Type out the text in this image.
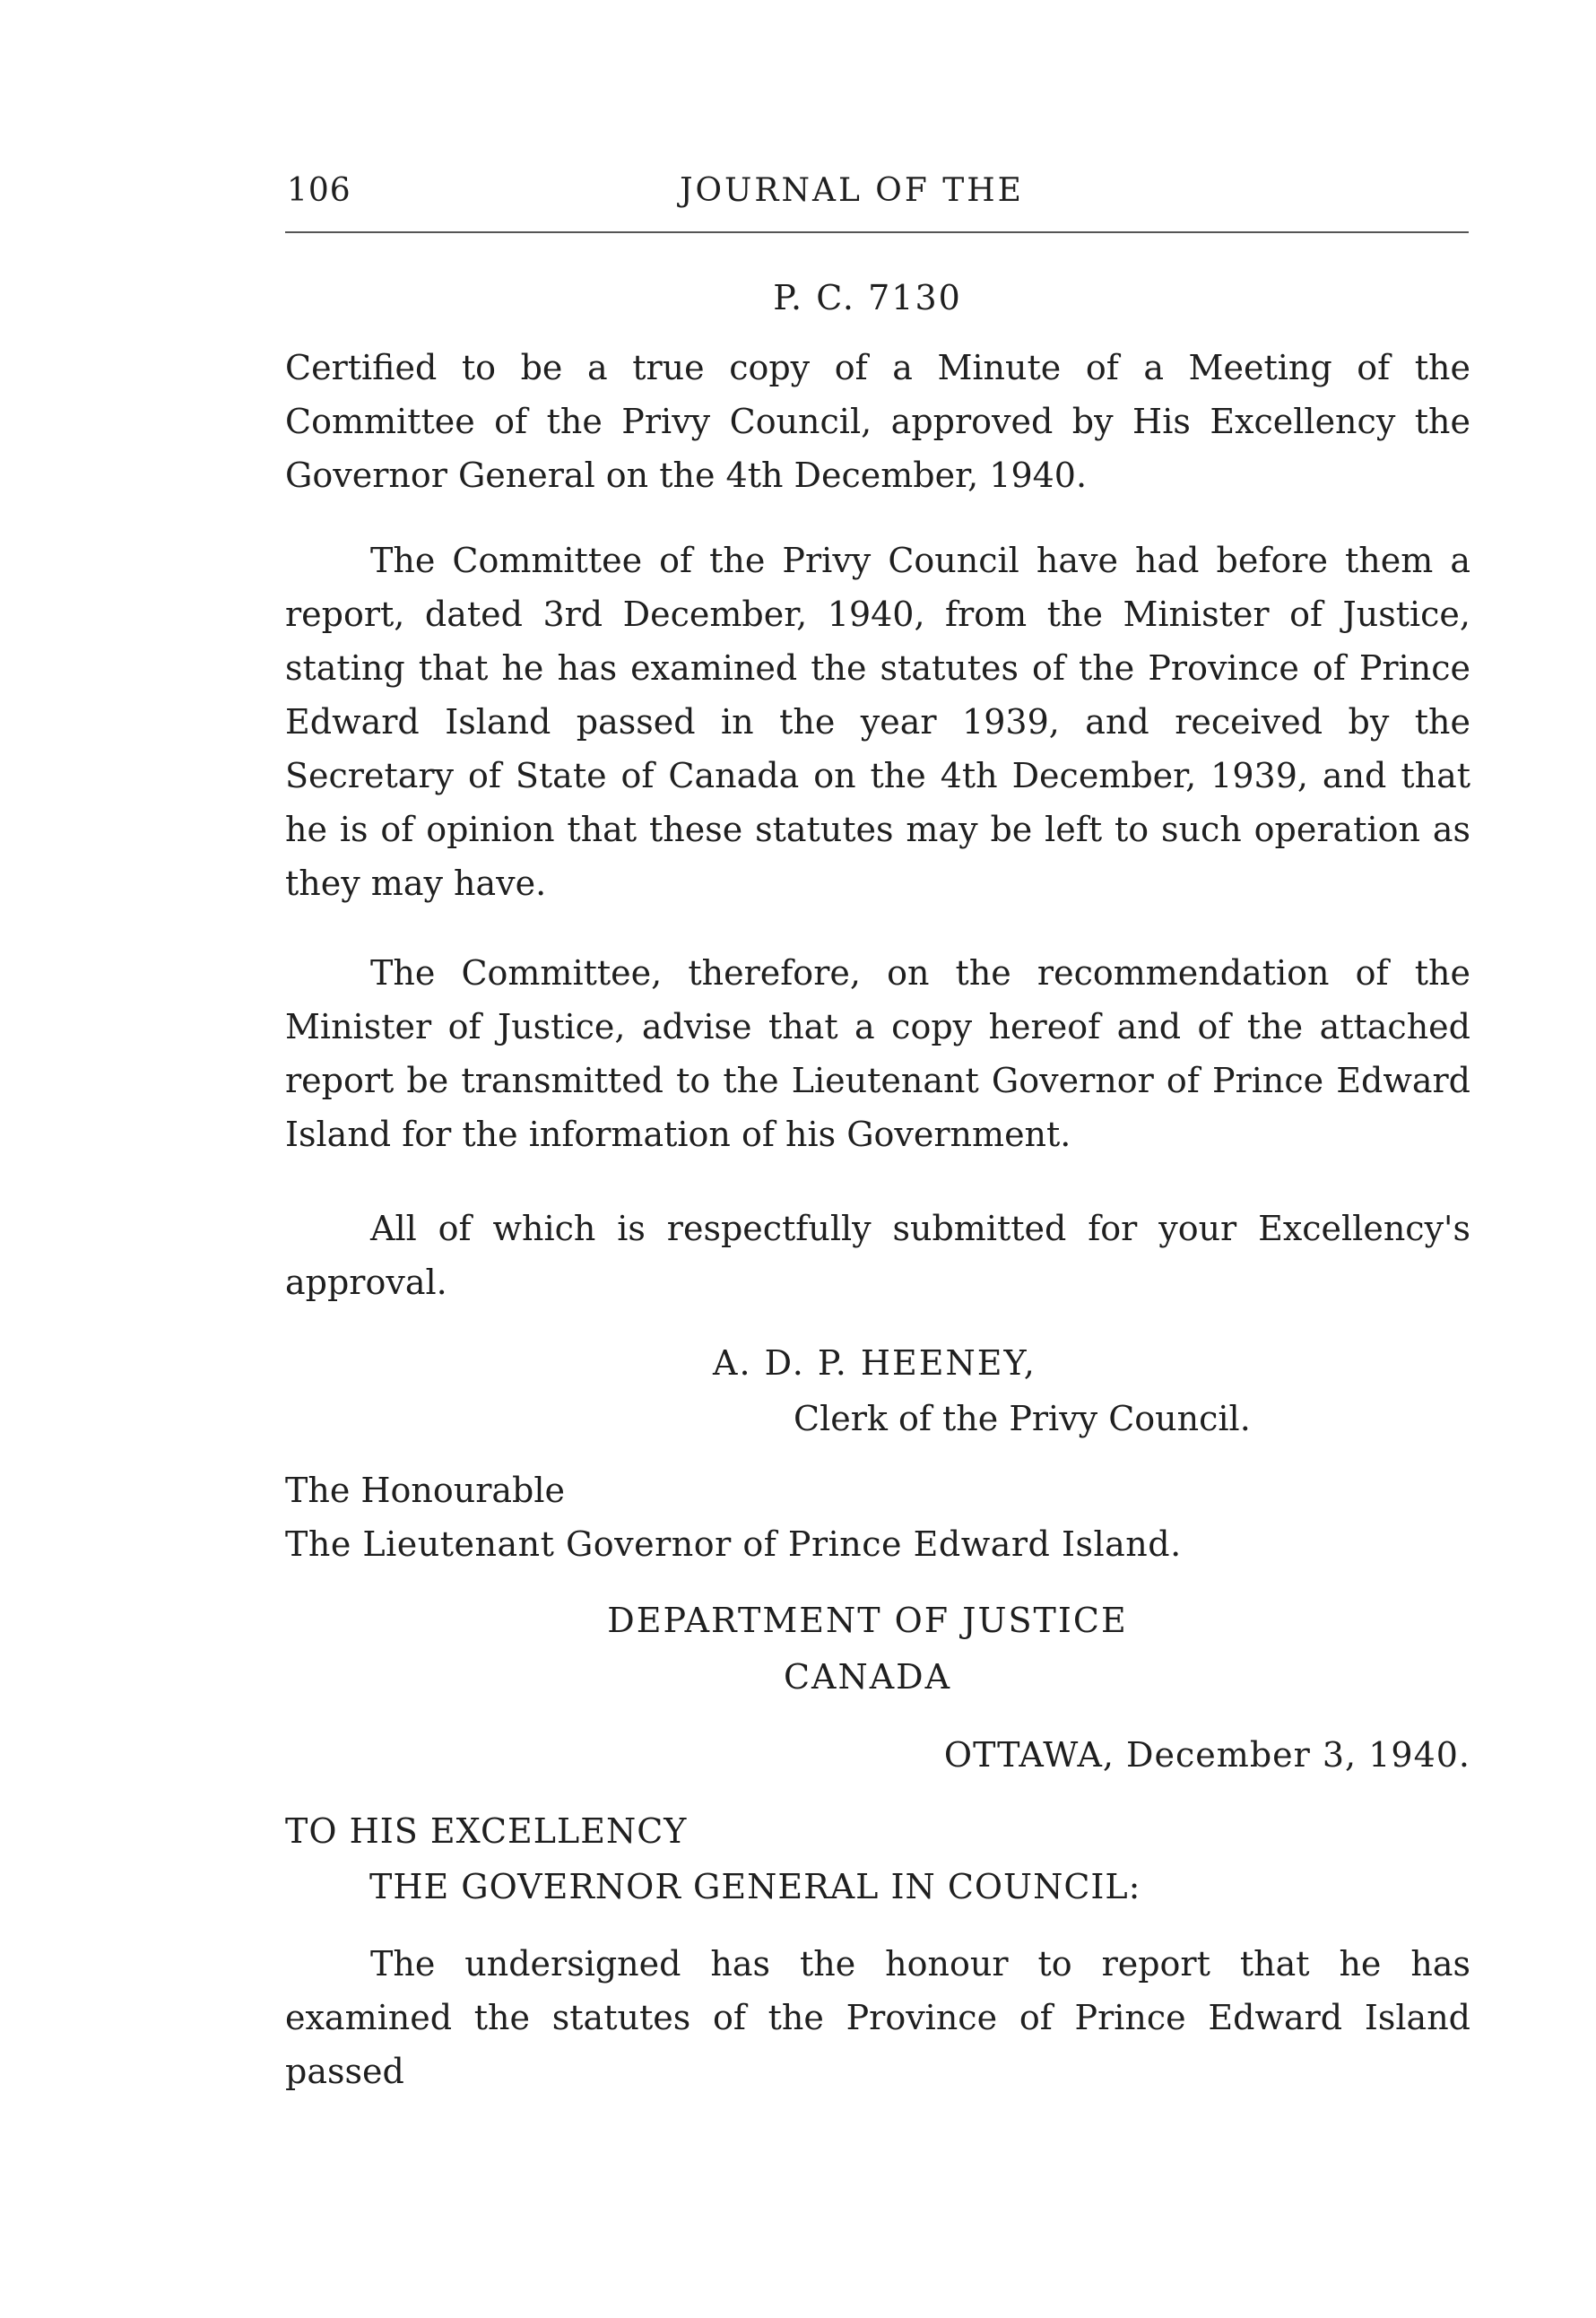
106	JOURNAL OF THE
P. C. 7130

Certified to be a true copy of a Minute of a Meeting of the Committee of the Privy Council, approved by His Excellency the Governor General on the 4th December, 1940.

The Committee of the Privy Council have had before them a report, dated 3rd December, 1940, from the Minister of Justice, stating that he has examined the statutes of the Province of Prince Edward Island passed in the year 1939, and received by the Secretary of State of Canada on the 4th December, 1939, and that he is of opinion that these statutes may be left to such operation as they may have.

The Committee, therefore, on the recommendation of the Minister of Justice, advise that a copy hereof and of the attached report be transmitted to the Lieutenant Governor of Prince Edward Island for the information of his Government.

All of which is respectfully submitted for your Excellency's approval.

A. D. P. HEENEY,
Clerk of the Privy Council.
The Honourable
The Lieutenant Governor of Prince Edward Island.
DEPARTMENT OF JUSTICE
CANADA
OTTAWA, December 3, 1940.
TO HIS EXCELLENCY
THE GOVERNOR GENERAL IN COUNCIL:

The undersigned has the honour to report that he has examined the statutes of the Province of Prince Edward Island passed
